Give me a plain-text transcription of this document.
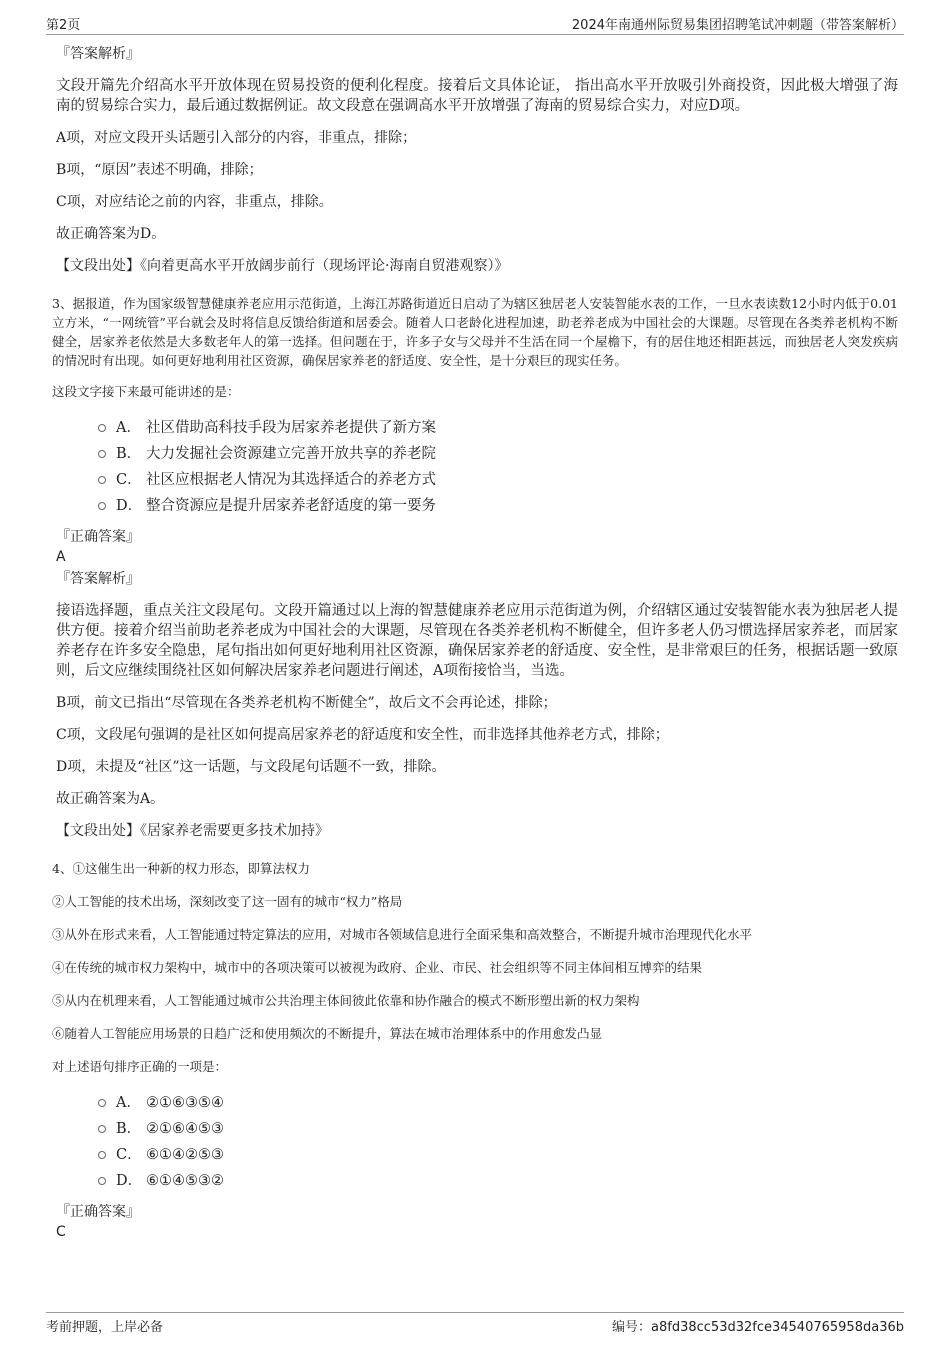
第2页	2024年南通州际贸易集团招聘笔试冲刺题（带答案解析）

『答案解析』

文段开篇先介绍高水平开放体现在贸易投资的便利化程度。接着后文具体论证， 指出高水平开放吸引外商投资，因此极大增强了海南的贸易综合实力，最后通过数据例证。故文段意在强调高水平开放增强了海南的贸易综合实力，对应D项。

A项，对应文段开头话题引入部分的内容，非重点，排除；

B项，“原因”表述不明确，排除；

C项，对应结论之前的内容，非重点，排除。

故正确答案为D。

【文段出处】《向着更高水平开放阔步前行（现场评论·海南自贸港观察）》

3、据报道，作为国家级智慧健康养老应用示范街道，上海江苏路街道近日启动了为辖区独居老人安装智能水表的工作，一旦水表读数12小时内低于0.01立方米，“一网统管”平台就会及时将信息反馈给街道和居委会。随着人口老龄化进程加速，助老养老成为中国社会的大课题。尽管现在各类养老机构不断健全，居家养老依然是大多数老年人的第一选择。但问题在于，许多子女与父母并不生活在同一个屋檐下，有的居住地还相距甚远，而独居老人突发疾病的情况时有出现。如何更好地利用社区资源，确保居家养老的舒适度、安全性，是十分艰巨的现实任务。

这段文字接下来最可能讲述的是：

A． 社区借助高科技手段为居家养老提供了新方案
B． 大力发掘社会资源建立完善开放共享的养老院
C． 社区应根据老人情况为其选择适合的养老方式
D． 整合资源应是提升居家养老舒适度的第一要务

『正确答案』

A

『答案解析』

接语选择题，重点关注文段尾句。文段开篇通过以上海的智慧健康养老应用示范街道为例，介绍辖区通过安装智能水表为独居老人提供方便。接着介绍当前助老养老成为中国社会的大课题，尽管现在各类养老机构不断健全，但许多老人仍习惯选择居家养老，而居家养老存在许多安全隐患，尾句指出如何更好地利用社区资源，确保居家养老的舒适度、安全性，是非常艰巨的任务，根据话题一致原则，后文应继续围绕社区如何解决居家养老问题进行阐述，A项衔接恰当，当选。

B项，前文已指出“尽管现在各类养老机构不断健全”，故后文不会再论述，排除；

C项，文段尾句强调的是社区如何提高居家养老的舒适度和安全性，而非选择其他养老方式，排除；

D项，未提及“社区”这一话题，与文段尾句话题不一致，排除。

故正确答案为A。

【文段出处】《居家养老需要更多技术加持》

4、①这催生出一种新的权力形态，即算法权力

②人工智能的技术出场，深刻改变了这一固有的城市“权力”格局

③从外在形式来看，人工智能通过特定算法的应用，对城市各领域信息进行全面采集和高效整合，不断提升城市治理现代化水平

④在传统的城市权力架构中，城市中的各项决策可以被视为政府、企业、市民、社会组织等不同主体间相互博弈的结果

⑤从内在机理来看，人工智能通过城市公共治理主体间彼此依靠和协作融合的模式不断形塑出新的权力架构

⑥随着人工智能应用场景的日趋广泛和使用频次的不断提升，算法在城市治理体系中的作用愈发凸显

对上述语句排序正确的一项是：

A． ②①⑥③⑤④
B． ②①⑥④⑤③
C． ⑥①④②⑤③
D． ⑥①④⑤③②

『正确答案』

C

考前押题，上岸必备	编号：a8fd38cc53d32fce34540765958da36b
